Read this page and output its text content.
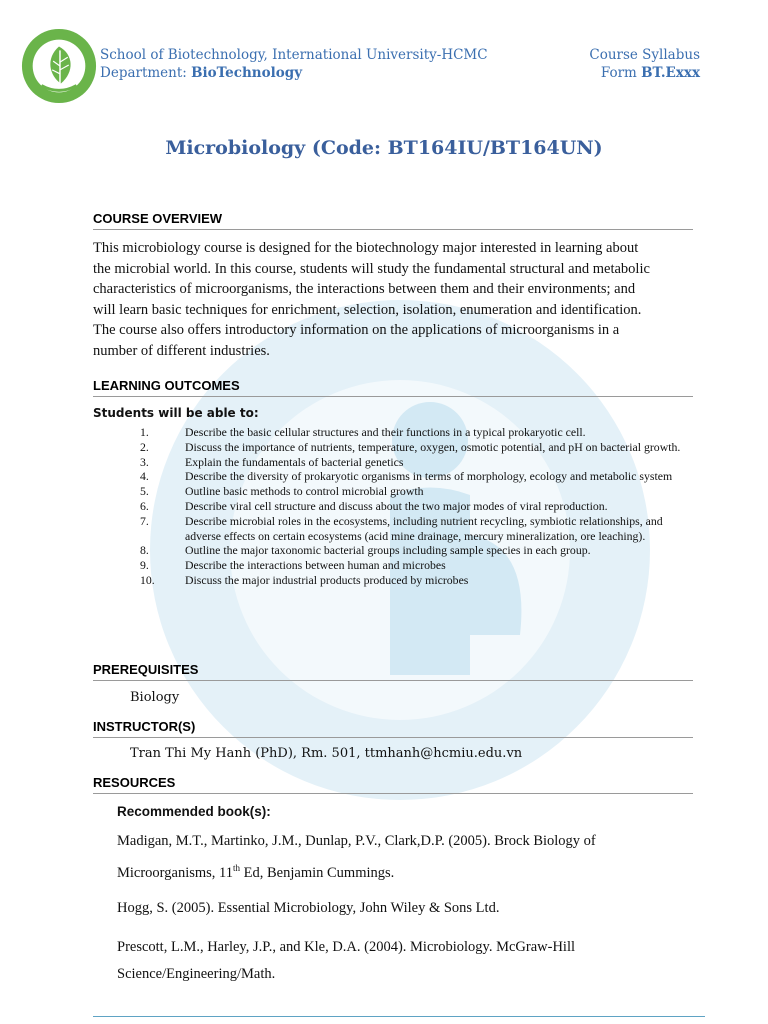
School of Biotechnology, International University-HCMC
Department: BioTechnology
Course Syllabus
Form BT.Exxx
Microbiology (Code: BT164IU/BT164UN)
COURSE OVERVIEW
This microbiology course is designed for the biotechnology major interested in learning about
the microbial world. In this course, students will study the fundamental structural and metabolic
characteristics of microorganisms, the interactions between them and their environments; and
will learn basic techniques for enrichment, selection, isolation, enumeration and identification.
The course also offers introductory information on the applications of microorganisms in a
number of different industries.
LEARNING OUTCOMES
Students will be able to:
1.	Describe the basic cellular structures and their functions in a typical prokaryotic cell.
2.	Discuss the importance of nutrients, temperature, oxygen, osmotic potential, and pH on bacterial growth.
3.	Explain the fundamentals of bacterial genetics
4.	Describe the diversity of prokaryotic organisms in terms of morphology, ecology and metabolic system
5.	Outline basic methods to control microbial growth
6.	Describe viral cell structure and discuss about the two major modes of viral reproduction.
7.	Describe microbial roles in the ecosystems, including nutrient recycling, symbiotic relationships, and adverse effects on certain ecosystems (acid mine drainage, mercury mineralization, ore leaching).
8.	Outline the major taxonomic bacterial groups including sample species in each group.
9.	Describe the interactions between human and microbes
10.	Discuss the major industrial products produced by microbes
PREREQUISITES
Biology
INSTRUCTOR(S)
Tran Thi My Hanh (PhD), Rm. 501, ttmhanh@hcmiu.edu.vn
RESOURCES
Recommended book(s):
Madigan, M.T., Martinko, J.M., Dunlap, P.V., Clark,D.P. (2005). Brock Biology of
Microorganisms, 11th Ed, Benjamin Cummings.
Hogg, S. (2005). Essential Microbiology, John Wiley & Sons Ltd.
Prescott, L.M., Harley, J.P., and Kle, D.A. (2004). Microbiology. McGraw-Hill
Science/Engineering/Math.
